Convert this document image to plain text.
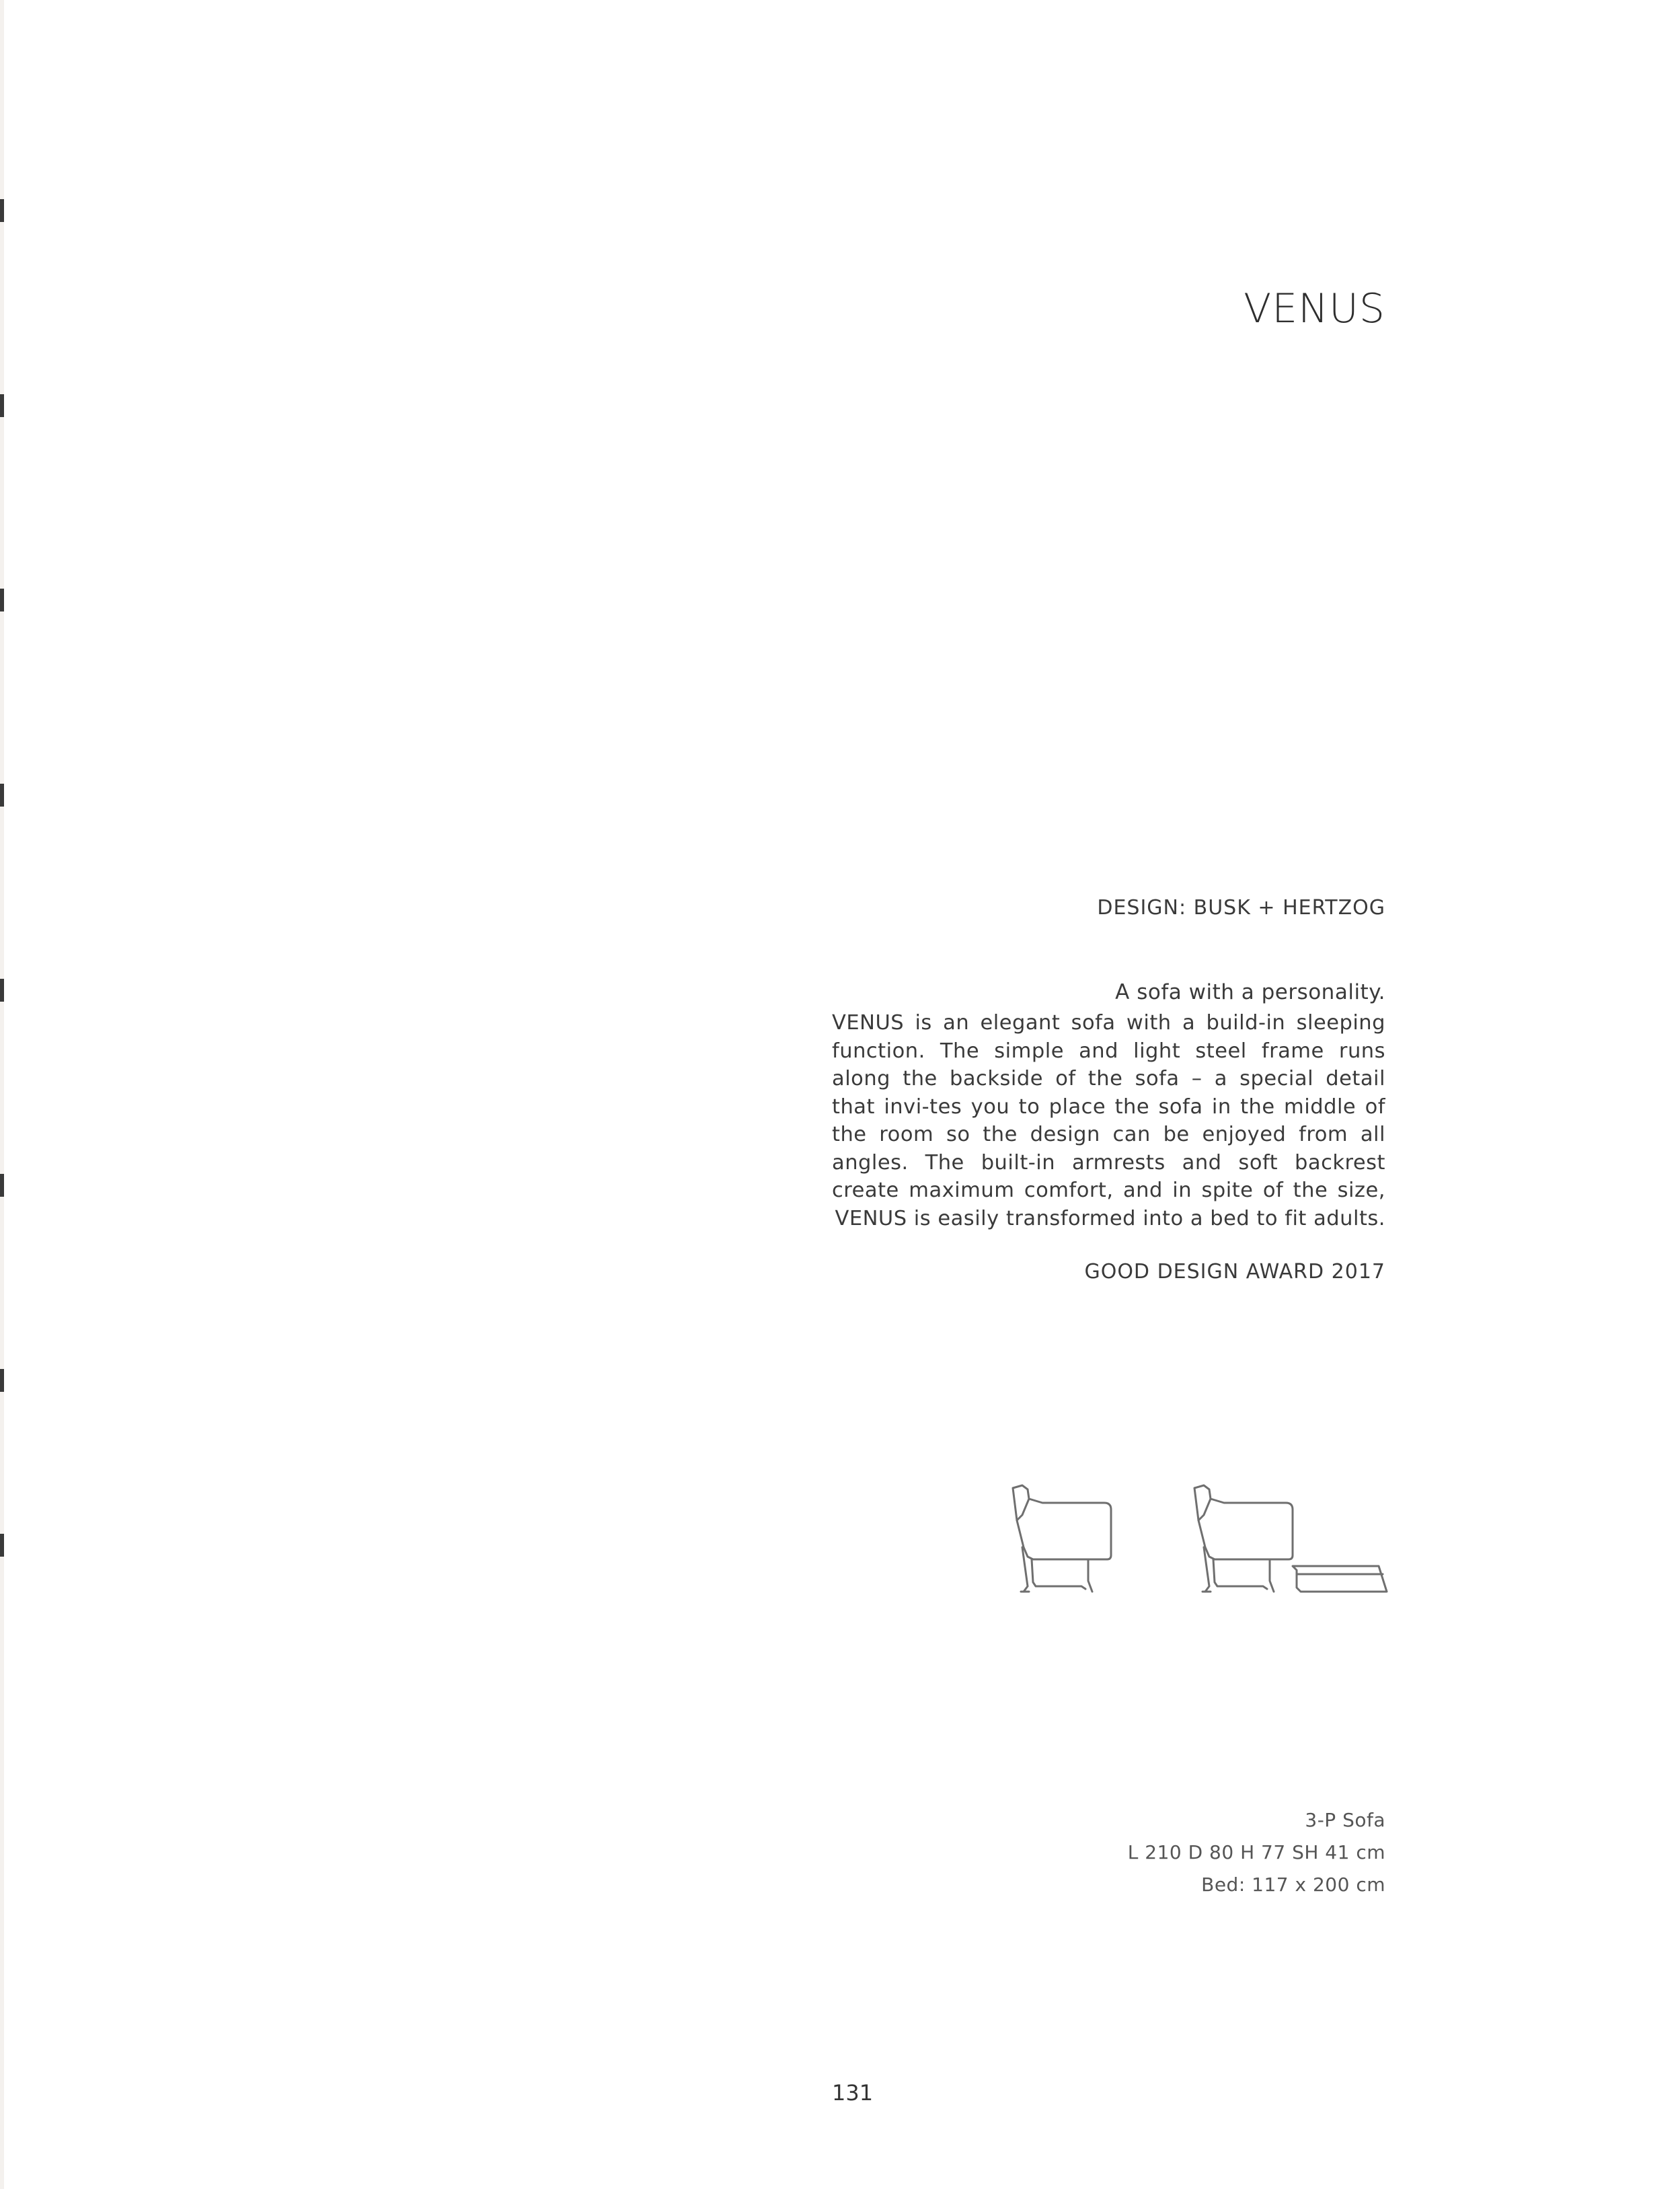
VENUS

DESIGN: BUSK + HERTZOG

A sofa with a personality.

VENUS is an elegant sofa with a build-in sleeping function. The simple and light steel frame runs along the backside of the sofa – a special detail that invi-tes you to place the sofa in the middle of the room so the design can be enjoyed from all angles. The built-in armrests and soft backrest create maximum comfort, and in spite of the size, VENUS is easily transformed into a bed to fit adults.

GOOD DESIGN AWARD 2017

3-P Sofa
L 210 D 80 H 77 SH 41 cm
Bed: 117 x 200 cm
131
